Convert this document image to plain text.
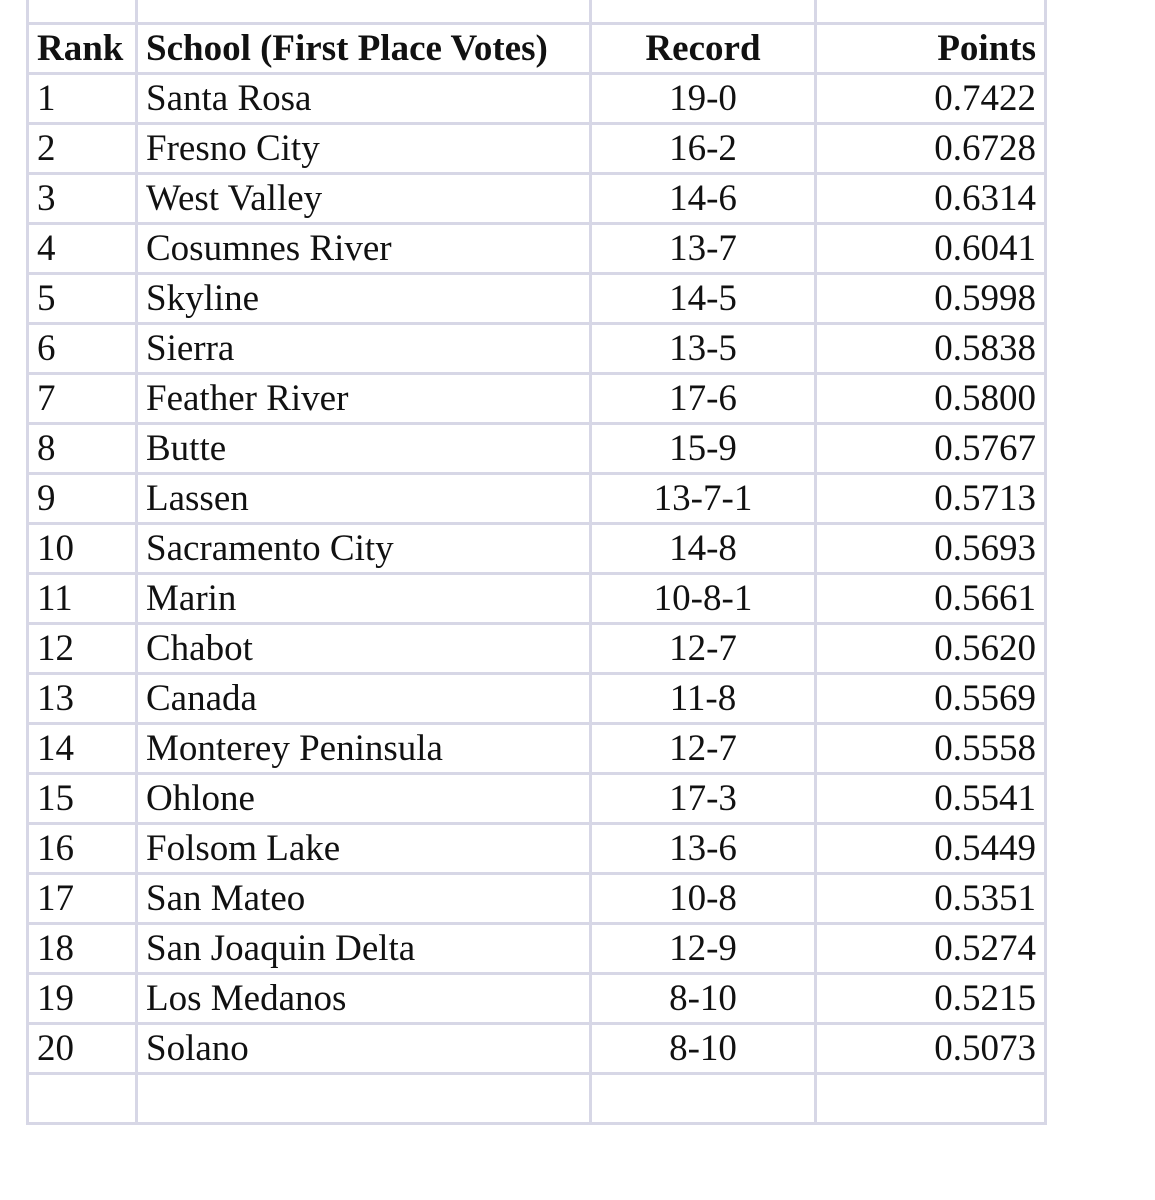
Rank	School (First Place Votes)	Record	Points
1	Santa Rosa	19-0	0.7422
2	Fresno City	16-2	0.6728
3	West Valley	14-6	0.6314
4	Cosumnes River	13-7	0.6041
5	Skyline	14-5	0.5998
6	Sierra	13-5	0.5838
7	Feather River	17-6	0.5800
8	Butte	15-9	0.5767
9	Lassen	13-7-1	0.5713
10	Sacramento City	14-8	0.5693
11	Marin	10-8-1	0.5661
12	Chabot	12-7	0.5620
13	Canada	11-8	0.5569
14	Monterey Peninsula	12-7	0.5558
15	Ohlone	17-3	0.5541
16	Folsom Lake	13-6	0.5449
17	San Mateo	10-8	0.5351
18	San Joaquin Delta	12-9	0.5274
19	Los Medanos	8-10	0.5215
20	Solano	8-10	0.5073
